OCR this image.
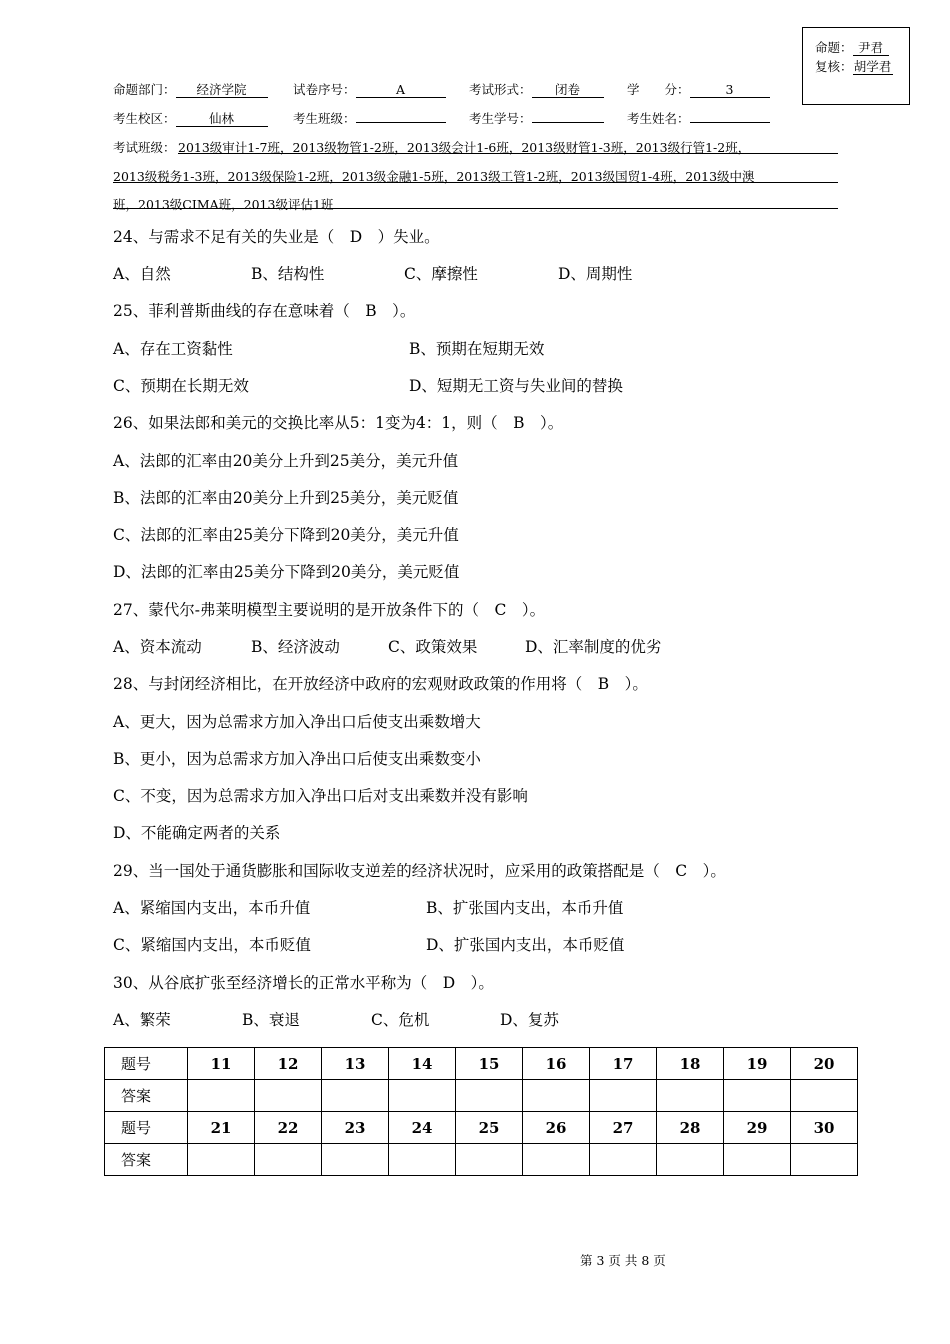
命题： 尹君
复核：胡学君
命题部门： 经济学院	试卷序号：	A	考试形式： 闭卷	学　　分：	3
考生校区：	仙林	考生班级：	考生学号：	考生姓名：
考试班级： 2013级审计1-7班，2013级物管1-2班，2013级会计1-6班，2013级财管1-3班，2013级行管1-2班，
2013级税务1-3班，2013级保险1-2班，2013级金融1-5班，2013级工管1-2班，2013级国贸1-4班，2013级中澳
班，2013级CIMA班，2013级评估1班
24、与需求不足有关的失业是（　D　）失业。
A、自然	B、结构性	C、摩擦性	D、周期性
25、菲利普斯曲线的存在意味着（　B　）。
A、存在工资黏性	B、预期在短期无效
C、预期在长期无效	D、短期无工资与失业间的替换
26、如果法郎和美元的交换比率从5：1变为4：1，则（　B　）。
A、法郎的汇率由20美分上升到25美分，美元升值
B、法郎的汇率由20美分上升到25美分，美元贬值
C、法郎的汇率由25美分下降到20美分，美元升值
D、法郎的汇率由25美分下降到20美分，美元贬值
27、蒙代尔-弗莱明模型主要说明的是开放条件下的（　C　）。
A、资本流动	B、经济波动	C、政策效果	D、汇率制度的优劣
28、与封闭经济相比，在开放经济中政府的宏观财政政策的作用将（　B　）。
A、更大，因为总需求方加入净出口后使支出乘数增大
B、更小，因为总需求方加入净出口后使支出乘数变小
C、不变，因为总需求方加入净出口后对支出乘数并没有影响
D、不能确定两者的关系
29、当一国处于通货膨胀和国际收支逆差的经济状况时，应采用的政策搭配是（　C　）。
A、紧缩国内支出，本币升值	B、扩张国内支出，本币升值
C、紧缩国内支出，本币贬值	D、扩张国内支出，本币贬值
30、从谷底扩张至经济增长的正常水平称为（　D　）。
A、繁荣	B、衰退	C、危机	D、复苏
题号	11	12	13	14	15	16	17	18	19	20
答案										
题号	21	22	23	24	25	26	27	28	29	30
答案										
第 3 页 共 8 页
